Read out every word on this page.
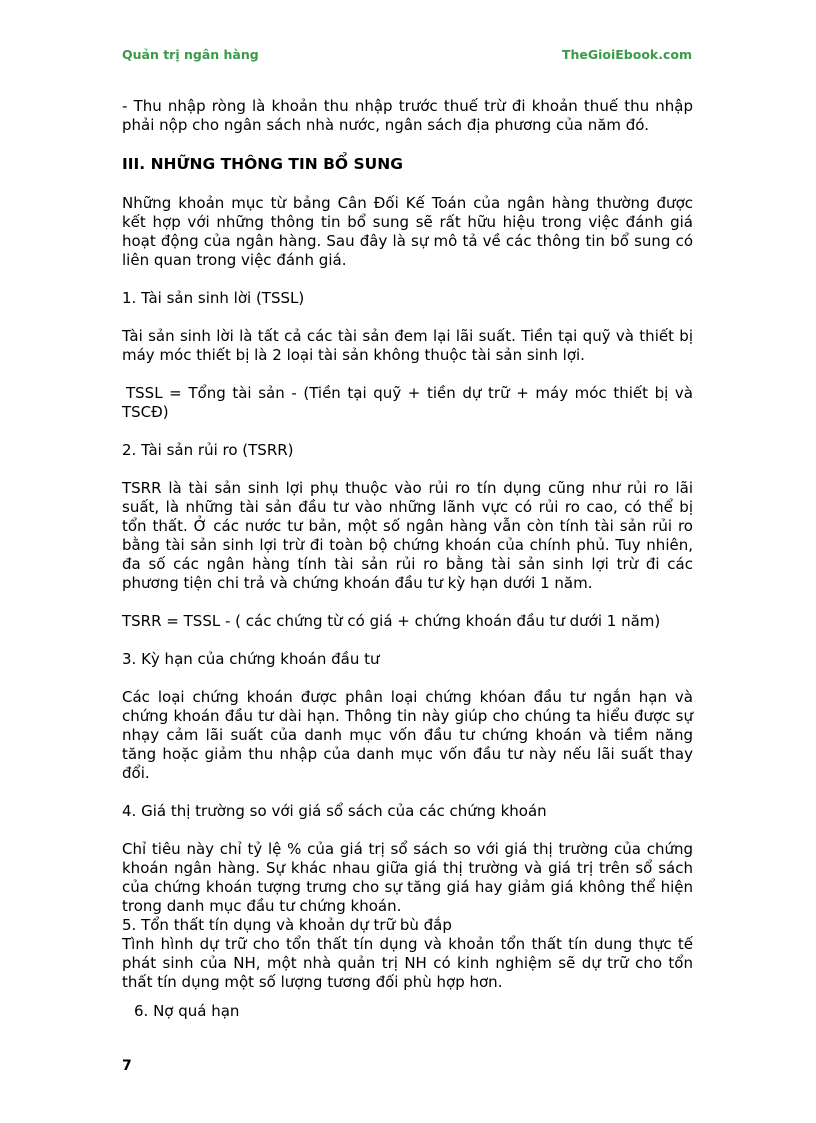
Quản trị ngân hàng	TheGioiEbook.com

- Thu nhập ròng là khoản thu nhập trước thuế trừ đi khoản thuế thu nhập phải nộp cho ngân sách nhà nước, ngân sách địa phương của năm đó.

III. NHỮNG THÔNG TIN BỔ SUNG

Những khoản mục từ bảng Cân Đối Kế Toán của ngân hàng thường được kết hợp với những thông tin bổ sung sẽ rất hữu hiệu trong việc đánh giá hoạt động của ngân hàng. Sau đây là sự mô tả về các thông tin bổ sung có liên quan trong việc đánh giá.

1. Tài sản sinh lời (TSSL)

Tài sản sinh lời là tất cả các tài sản đem lại lãi suất. Tiền tại quỹ và thiết bị máy móc thiết bị là 2 loại tài sản không thuộc tài sản sinh lợi.

TSSL = Tổng tài sản - (Tiền tại quỹ + tiền dự trữ + máy móc thiết bị và TSCĐ)

2. Tài sản rủi ro (TSRR)

TSRR là tài sản sinh lợi phụ thuộc vào rủi ro tín dụng cũng như rủi ro lãi suất, là những tài sản đầu tư vào những lãnh vực có rủi ro cao, có thể bị tổn thất. Ở các nước tư bản, một số ngân hàng vẫn còn tính tài sản rủi ro bằng tài sản sinh lợi trừ đi toàn bộ chứng khoán của chính phủ. Tuy nhiên, đa số các ngân hàng tính tài sản rủi ro bằng tài sản sinh lợi trừ đi các phương tiện chi trả và chứng khoán đầu tư kỳ hạn dưới 1 năm.

TSRR = TSSL - ( các chứng từ có giá + chứng khoán đầu tư dưới 1 năm)

3. Kỳ hạn của chứng khoán đầu tư

Các loại chứng khoán được phân loại chứng khóan đầu tư ngắn hạn và chứng khoán đầu tư dài hạn. Thông tin này giúp cho chúng ta hiểu được sự nhạy cảm lãi suất của danh mục vốn đầu tư chứng khoán và tiềm năng tăng hoặc giảm thu nhập của danh mục vốn đầu tư này nếu lãi suất thay đổi.

4. Giá thị trường so với giá sổ sách của các chứng khoán

Chỉ tiêu này chỉ tỷ lệ % của giá trị sổ sách so với giá thị trường của chứng khoán ngân hàng. Sự khác nhau giữa giá thị trường và giá trị trên sổ sách của chứng khoán tượng trưng cho sự tăng giá hay giảm giá không thể hiện trong danh mục đầu tư chứng khoán.

5. Tổn thất tín dụng và khoản dự trữ bù đắp

Tình hình dự trữ cho tổn thất tín dụng và khoản tổn thất tín dung thực tế phát sinh của NH, một nhà quản trị NH có kinh nghiệm sẽ dự trữ cho tổn thất tín dụng một số lượng tương đối phù hợp hơn.

6. Nợ quá hạn

7
